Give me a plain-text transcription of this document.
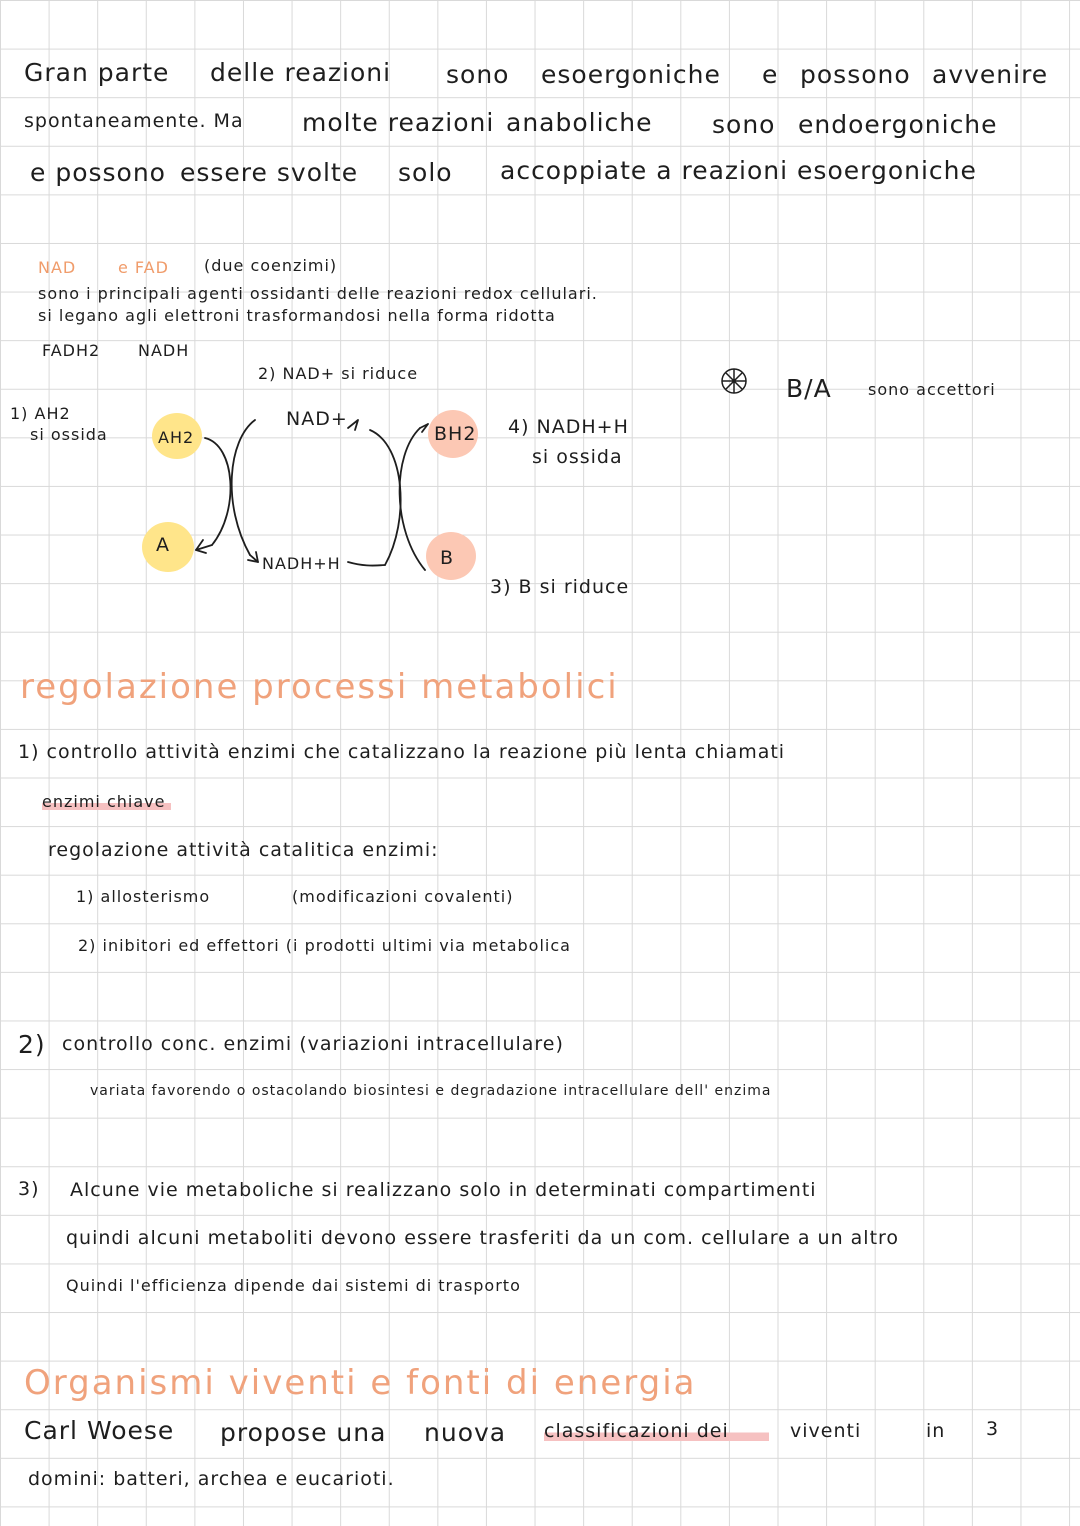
Gran parte delle reazioni sono esoergoniche e possono avvenire
spontaneamente. Ma molte reazioni anaboliche sono endoergoniche
e possono essere svolte solo accoppiate a reazioni esoergoniche
NAD	e FAD (due coenzimi)
sono i principali agenti ossidanti delle reazioni redox cellulari.
si legano agli elettroni trasformandosi nella forma ridotta
FADH2 NADH
1) AH2
si ossida
2) NAD+ si riduce
AH2
A
NAD+
NADH+H
BH2
B
4) NADH+H
si ossida
3) B si riduce
B/A sono accettori
regolazione processi metabolici
1) controllo attività enzimi che catalizzano la reazione più lenta chiamati
enzimi chiave
regolazione attività catalitica enzimi:
1) allosterismo	(modificazioni covalenti)
2) inibitori ed effettori (i prodotti ultimi via metabolica
2) controllo conc. enzimi (variazioni intracellulare)
variata favorendo o ostacolando biosintesi e degradazione intracellulare dell' enzima
3) Alcune vie metaboliche si realizzano solo in determinati compartimenti
quindi alcuni metaboliti devono essere trasferiti da un com. cellulare a un altro
Quindi l'efficienza dipende dai sistemi di trasporto
Organismi viventi e fonti di energia
Carl Woese propose una nuova classificazioni dei	viventi	in 3
domini: batteri, archea e eucarioti.
